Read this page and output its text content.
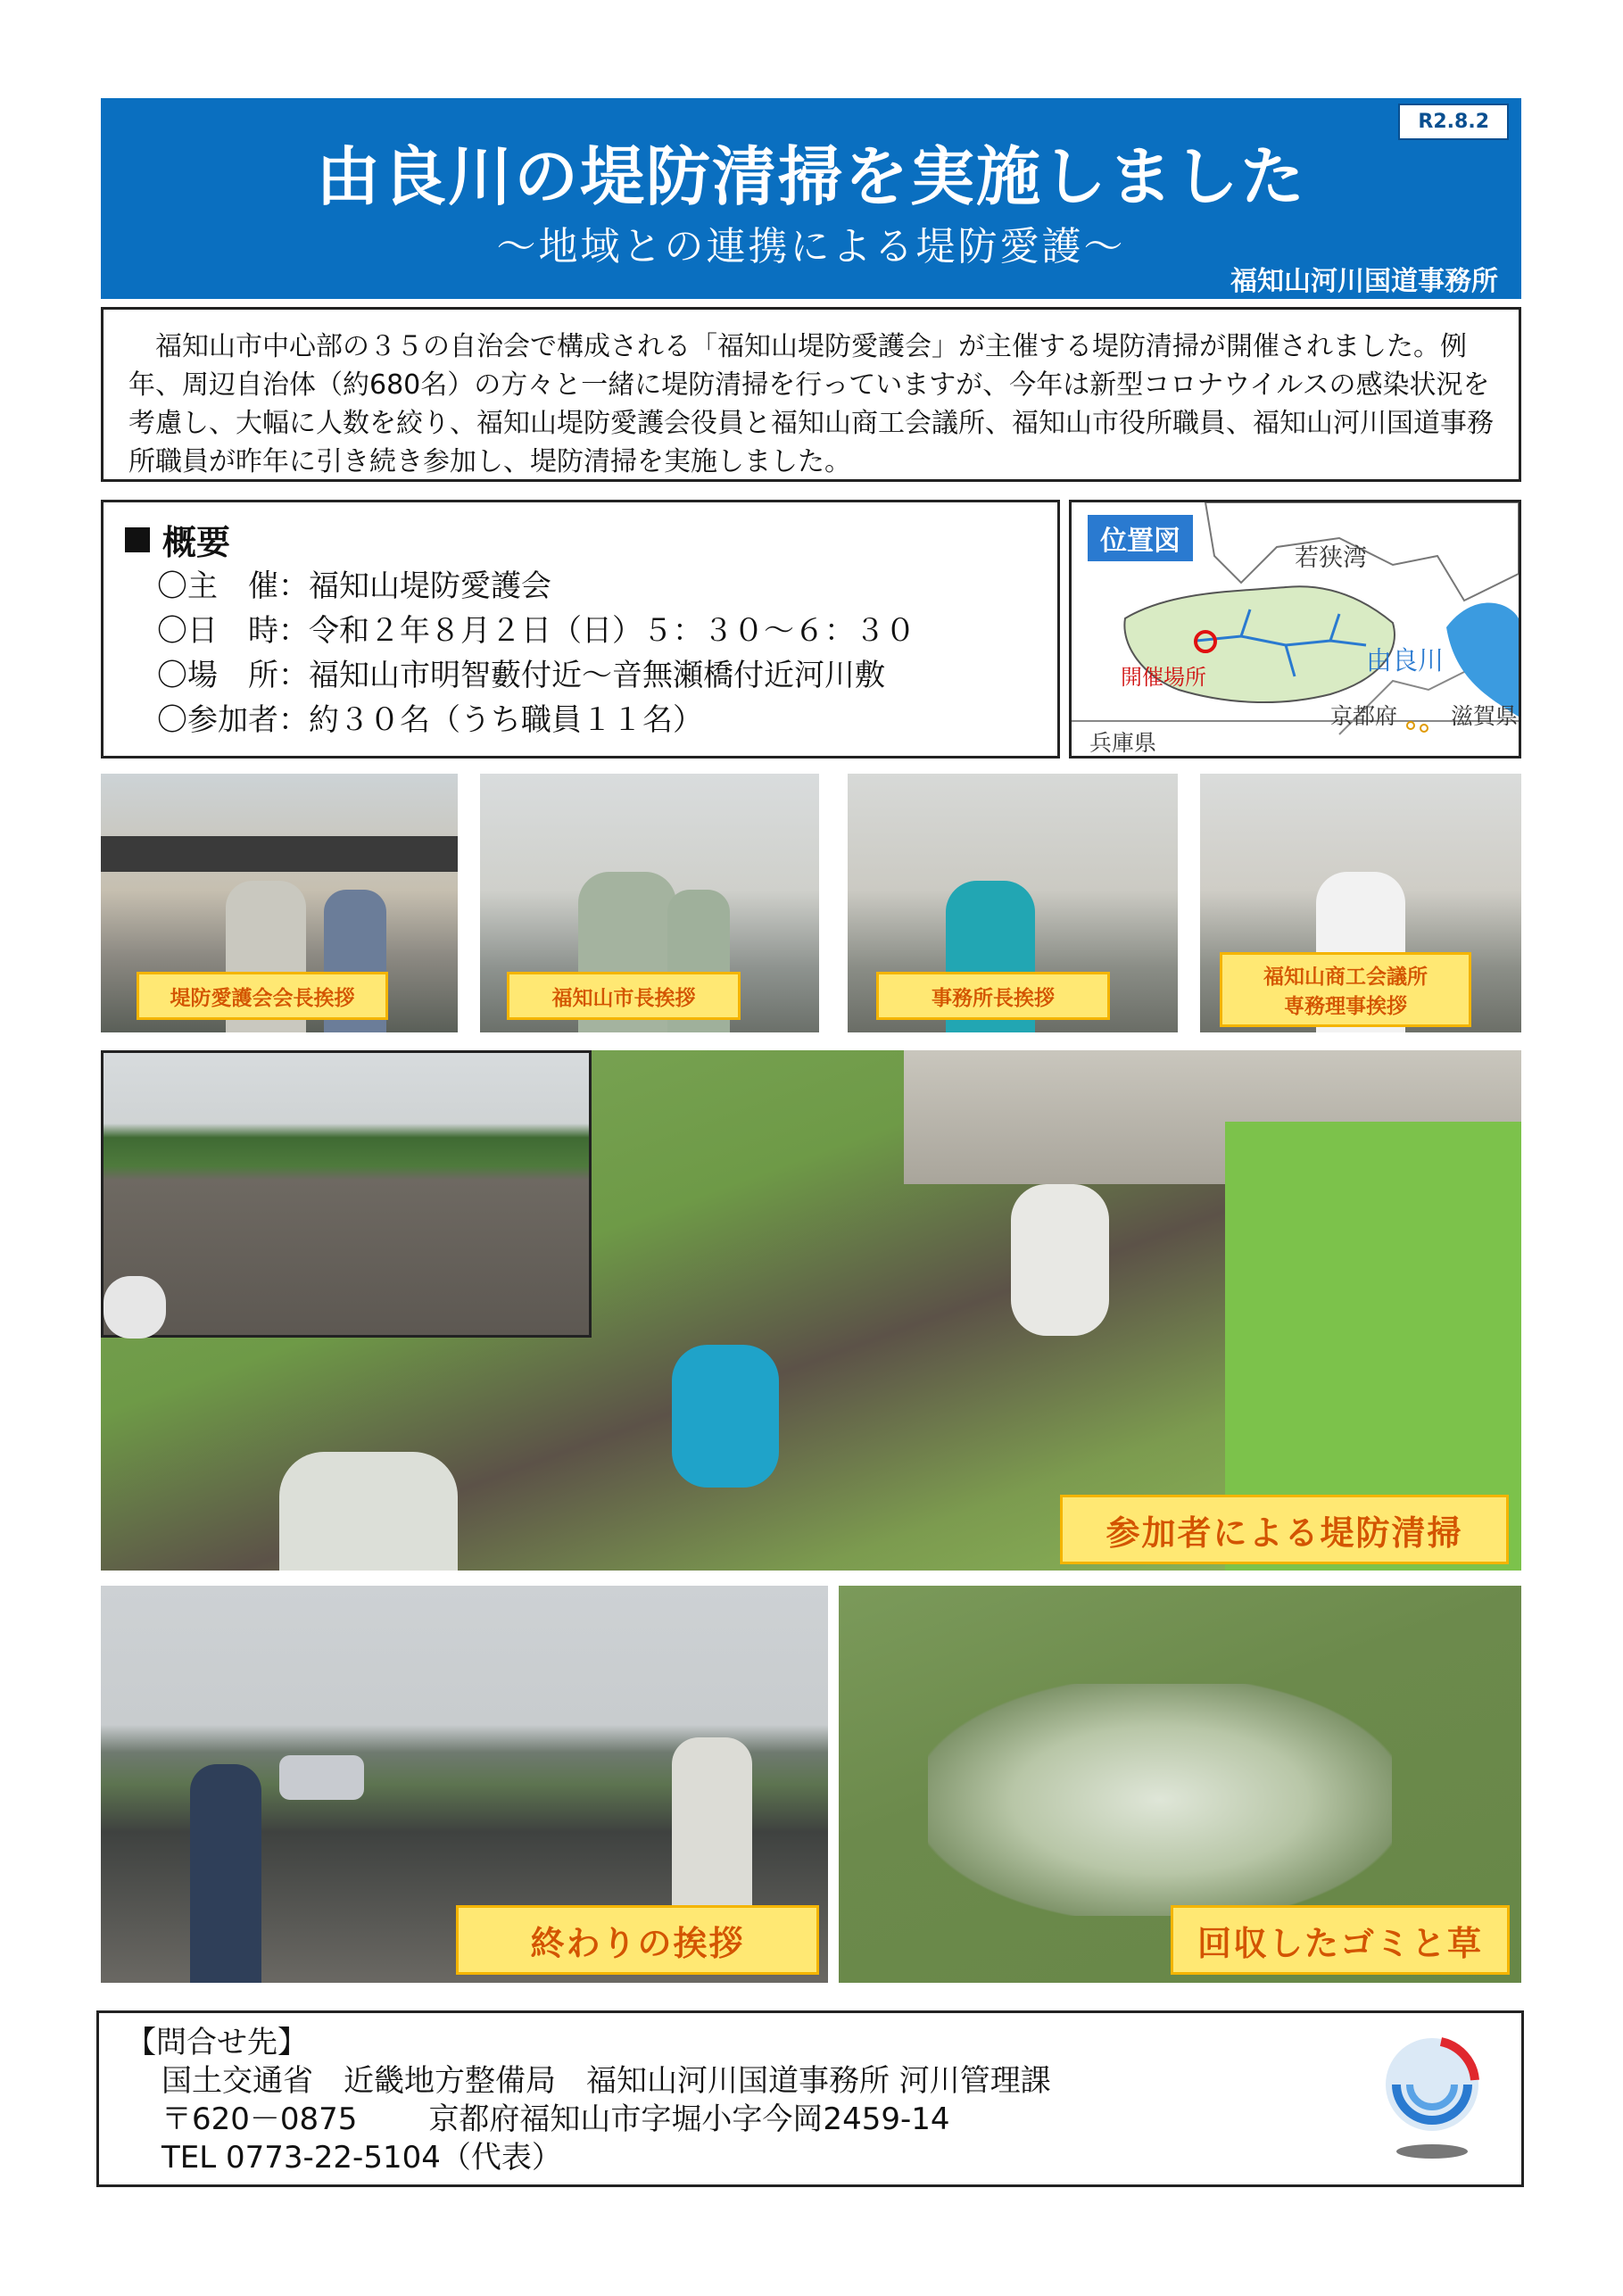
由良川の堤防清掃を実施しました
～地域との連携による堤防愛護～
福知山河川国道事務所
R2.8.2
福知山市中心部の３５の自治会で構成される「福知山堤防愛護会」が主催する堤防清掃が開催されました。例年、周辺自治体（約680名）の方々と一緒に堤防清掃を行っていますが、今年は新型コロナウイルスの感染状況を考慮し、大幅に人数を絞り、福知山堤防愛護会役員と福知山商工会議所、福知山市役所職員、福知山河川国道事務所職員が昨年に引き続き参加し、堤防清掃を実施しました。
概要
〇主　催：福知山堤防愛護会
〇日　時：令和２年８月２日（日）５：３０～６：３０
〇場　所：福知山市明智藪付近～音無瀬橋付近河川敷
〇参加者：約３０名（うち職員１１名）
位置図
若狭湾
由良川
開催場所
京都府 滋賀県
兵庫県
堤防愛護会会長挨拶	福知山市長挨拶	事務所長挨拶
福知山商工会議所
専務理事挨拶
参加者による堤防清掃
終わりの挨拶	回収したゴミと草
【問合せ先】
国土交通省　近畿地方整備局　福知山河川国道事務所 河川管理課
〒620－0875 京都府福知山市字堀小字今岡2459-14
TEL 0773-22-5104（代表）
